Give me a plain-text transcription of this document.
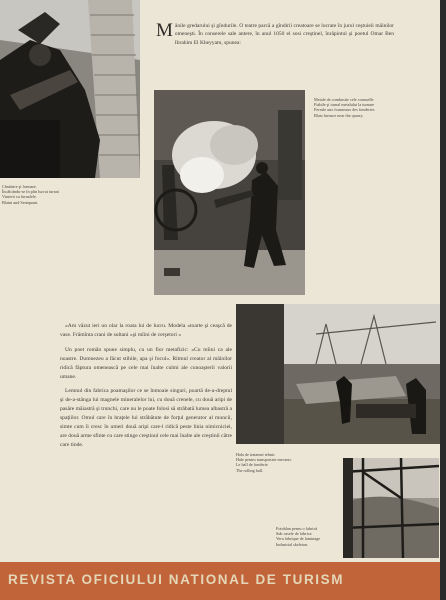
Cântărire şi formare.
Încălcându-se în plin lucrui turnat
Vinterit cu furnalele.
Blaini and Sentquant.
M ânile gredarului şi gîndurile. O teatre parcă a gîndirii creatoare se lucrate în jurul ceştuieii mâinilor omeneşti. În conserele sale antere, în anul 1050 el sosi creştinel, înrâpintul şi poetul Omar Ben Ibrahim El Kheyyam, spunea:
Metale de combustie cele consuelle
Fiabile şi turnal metalului la turnare
Ferrule aux fourneaux des fonderies
Blast furnace near the quarry.

«Am văzut ieri un olar la roata lui de lucru. Modela «toarte şi ceaşcă de vase. Frămînta crani de sultani «şi mîini de cerşetori »

Un poet român spune simplu, cu un fior metafizic: «Cu mîini ca ale noastre. Dumnezeu a făcut stihile, apa şi focul». Ritmul creator al mâinilor ridică făptura omenească pe cele mai înalte culmi ale cunoaşterii valorii umane.

Lemnul din fabrica poamaşilor ce se înmoaie singuri, poartă de-a-dreptul şi de-a-stânga lui magnele mineralelor lui, cu două crenele, cu două aripi de pasăre măiastră şi trunchi, care nu le poate folosi să străbată lumea albastră a spaţiilor. Omul care în braţele lui străbătute de forţul generator al muncii, simte cum îi cresc în umeri două aripi care-l ridică peste linia nimicniciei, are două arme sfinte cu care stinge creştinul cele mai înalte ale creştinii către care tinde.

Hala de tratamet tehnic
Hale pentru transportate mecanic
Le hall de fonderie
The rolling hall.
Fotoblan penru o fabrică
Sub casele de fabrica
Vera fabrique de laminage
Industrial skeleton.
REVISTA OFICIULUI NATIONAL DE TURISM
